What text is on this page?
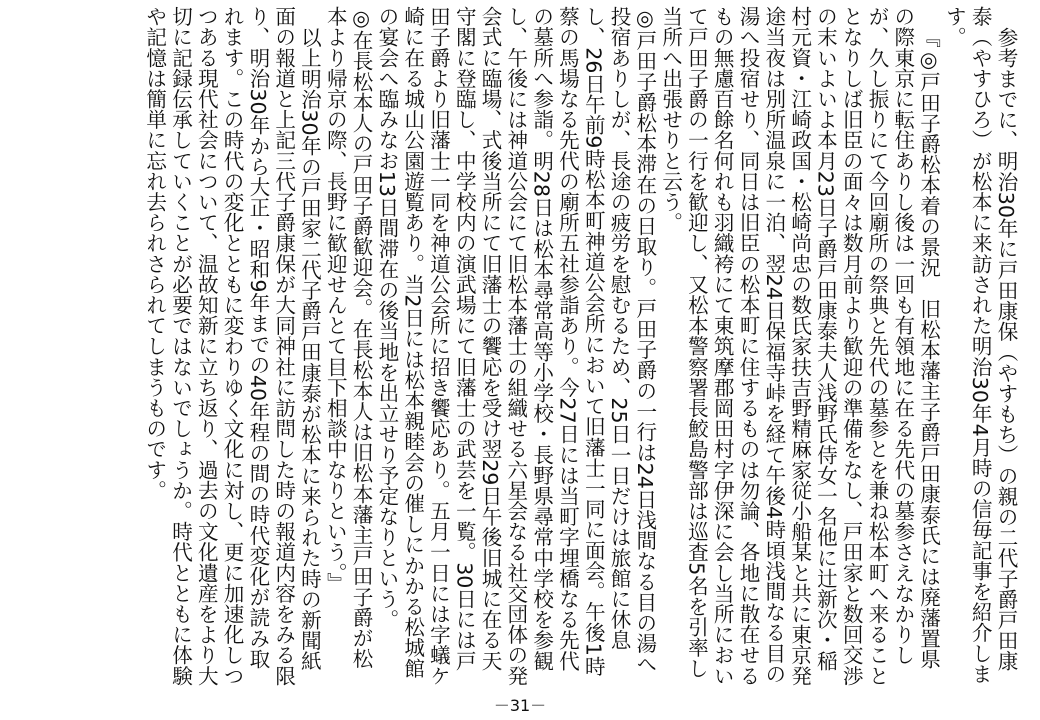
参考までに、明治30年に戸田康保（やすもち）の親の二代子爵戸田康泰（やすひろ）が松本に来訪された明治30年4月時の信毎記事を紹介します。

『◎戸田子爵松本着の景況　旧松本藩主子爵戸田康泰氏には廃藩置県の際東京に転住ありし後は一回も有領地に在る先代の墓参さえなかりしが、久し振りにて今回廟所の祭典と先代の墓参とを兼ね松本町へ来ることとなりしば旧臣の面々は数月前より歓迎の準備をなし、戸田家と数回交渉の末いよいよ本月23日子爵戸田康泰夫人浅野氏侍女一名他に辻新次・稲村元資・江崎政国・松崎尚忠の数氏家扶吉野精麻家従小船某と共に東京発途当夜は別所温泉に一泊、翌24日保福寺峠を経て午後4時頃浅間なる目の湯へ投宿せり、同日は旧臣の松本町に住するものは勿論、各地に散在せるもの無慮百餘名何れも羽織袴にて東筑摩郡岡田村字伊深に会し当所において戸田子爵の一行を歓迎し、又松本警察署長鮫島警部は巡査5名を引率し当所へ出張せりと云う。

◎戸田子爵松本滞在の日取り。戸田子爵の一行は24日浅間なる目の湯へ投宿ありしが、長途の疲労を慰むるため、25日一日だけは旅館に休息し、26日午前9時松本町神道公会所において旧藩士一同に面会。午後1時蔡の馬場なる先代の廟所五社参詣あり。今27日には当町字埋橋なる先代の墓所へ参詣。明28日は松本尋常高等小学校・長野県尋常中学校を参観し、午後には神道公会にて旧松本藩士の組織せる六星会なる社交団体の発会式に臨場、式後当所にて旧藩士の饗応を受け翌29日午後旧城に在る天守閣に登臨し、中学校内の演武場にて旧藩士の武芸を一覧。30日には戸田子爵より旧藩士一同を神道公会所に招き饗応あり。五月一日には字蟻ケ崎に在る城山公園遊覧あり。当2日には松本親睦会の催しにかかる松城館の宴会へ臨みなお13日間滞在の後当地を出立せり予定なりという。

◎在長松本人の戸田子爵歓迎会。在長松本人は旧松本藩主戸田子爵が松本より帰京の際、長野に歓迎せんとて目下相談中なりという。』

以上明治30年の戸田家二代子爵戸田康泰が松本に来られた時の新聞紙面の報道と上記三代子爵康保が大同神社に訪問した時の報道内容をみる限り、明治30年から大正・昭和9年までの40年程の間の時代変化が読み取れます。この時代の変化とともに変わりゆく文化に対し、更に加速化しつつある現代社会について、温故知新に立ち返り、過去の文化遺産をより大切に記録伝承していくことが必要ではないでしょうか。時代とともに体験や記憶は簡単に忘れ去られさられてしまうものです。

－31－
